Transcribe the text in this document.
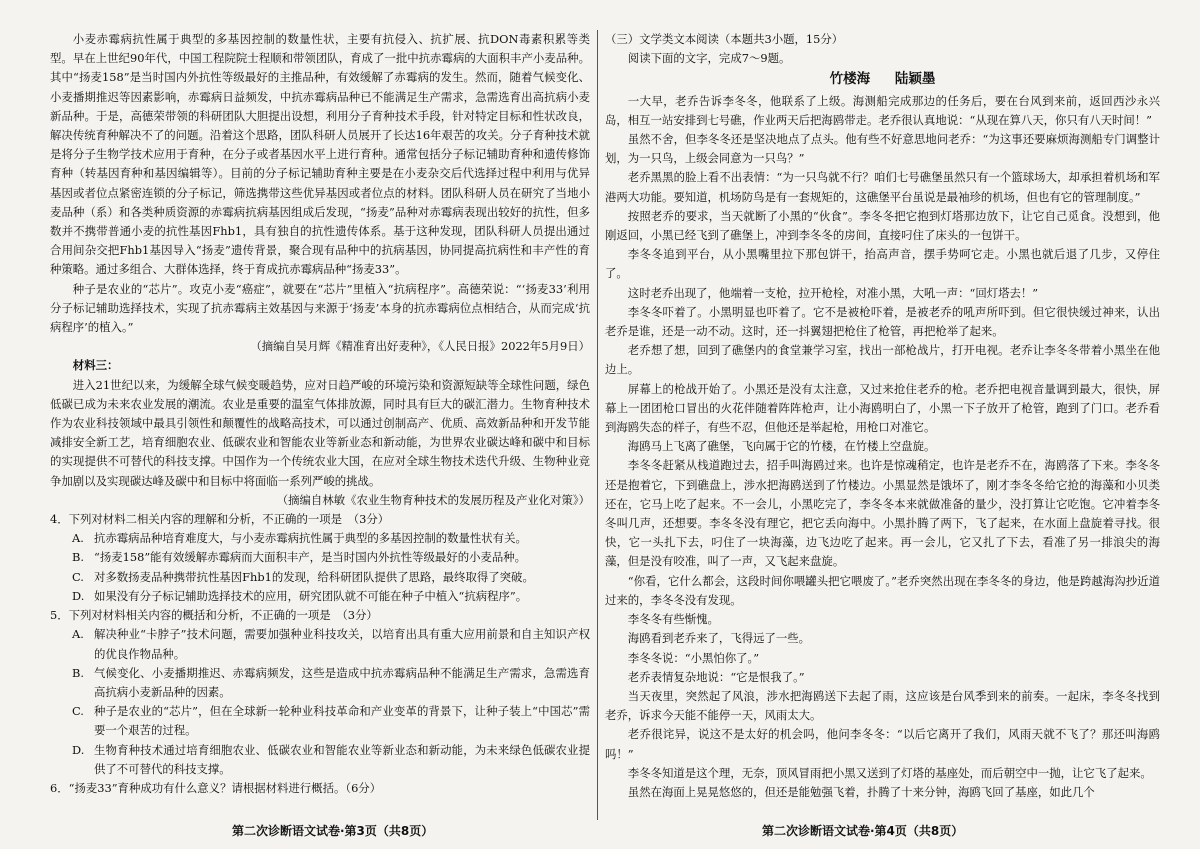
小麦赤霉病抗性属于典型的多基因控制的数量性状，主要有抗侵入、抗扩展、抗DON毒素积累等类型。早在上世纪90年代，中国工程院院士程顺和带领团队，育成了一批中抗赤霉病的大面积丰产小麦品种。其中“扬麦158”是当时国内外抗性等级最好的主推品种，有效缓解了赤霉病的发生。然而，随着气候变化、小麦播期推迟等因素影响，赤霉病日益频发，中抗赤霉病品种已不能满足生产需求，急需选育出高抗病小麦新品种。于是，高德荣带领的科研团队大胆提出设想，利用分子育种技术手段，针对特定目标和性状改良，解决传统育种解决不了的问题。沿着这个思路，团队科研人员展开了长达16年艰苦的攻关。分子育种技术就是将分子生物学技术应用于育种，在分子或者基因水平上进行育种。通常包括分子标记辅助育种和遗传修饰育种（转基因育种和基因编辑等）。目前的分子标记辅助育种主要是在小麦杂交后代选择过程中利用与优异基因或者位点紧密连锁的分子标记，筛选携带这些优异基因或者位点的材料。团队科研人员在研究了当地小麦品种（系）和各类种质资源的赤霉病抗病基因组成后发现，“扬麦”品种对赤霉病表现出较好的抗性，但多数并不携带普通小麦的抗性基因Fhb1，具有独自的抗性遗传体系。基于这种发现，团队科研人员提出通过合用间杂交把Fhb1基因导入“扬麦”遗传背景，聚合现有品种中的抗病基因，协同提高抗病性和丰产性的育种策略。通过多组合、大群体选择，终于育成抗赤霉病品种“扬麦33”。

种子是农业的“芯片”。攻克小麦“癌症”，就要在“芯片”里植入“抗病程序”。高德荣说：“‘扬麦33’利用分子标记辅助选择技术，实现了抗赤霉病主效基因与来源于‘扬麦’本身的抗赤霉病位点相结合，从而完成‘抗病程序’的植入。”

（摘编自吴月辉《精准育出好麦种》，《人民日报》2022年5月9日）

材料三：

进入21世纪以来，为缓解全球气候变暖趋势，应对日趋严峻的环境污染和资源短缺等全球性问题，绿色低碳已成为未来农业发展的潮流。农业是重要的温室气体排放源，同时具有巨大的碳汇潜力。生物育种技术作为农业科技领域中最具引领性和颠覆性的战略高技术，可以通过创制高产、优质、高效新品种和开发节能减排安全新工艺，培育细胞农业、低碳农业和智能农业等新业态和新动能，为世界农业碳达峰和碳中和目标的实现提供不可替代的科技支撑。中国作为一个传统农业大国，在应对全球生物技术迭代升级、生物种业竞争加剧以及实现碳达峰及碳中和目标中将面临一系列严峻的挑战。

（摘编自林敏《农业生物育种技术的发展历程及产业化对策》）

4．下列对材料二相关内容的理解和分析，不正确的一项是　（3分）

A. 抗赤霉病品种培育难度大，与小麦赤霉病抗性属于典型的多基因控制的数量性状有关。
B. “扬麦158”能有效缓解赤霉病而大面积丰产，是当时国内外抗性等级最好的小麦品种。
C. 对多数扬麦品种携带抗性基因Fhb1的发现，给科研团队提供了思路，最终取得了突破。
D. 如果没有分子标记辅助选择技术的应用，研究团队就不可能在种子中植入“抗病程序”。

5．下列对材料相关内容的概括和分析，不正确的一项是　（3分）

A. 解决种业“卡脖子”技术问题，需要加强种业科技攻关，以培育出具有重大应用前景和自主知识产权的优良作物品种。
B. 气候变化、小麦播期推迟、赤霉病频发，这些是造成中抗赤霉病品种不能满足生产需求，急需选育高抗病小麦新品种的因素。
C. 种子是农业的“芯片”，但在全球新一轮种业科技革命和产业变革的背景下，让种子装上“中国芯”需要一个艰苦的过程。
D. 生物育种技术通过培育细胞农业、低碳农业和智能农业等新业态和新动能，为未来绿色低碳农业提供了不可替代的科技支撑。

6．“扬麦33”育种成功有什么意义？请根据材料进行概括。（6分）

（三）文学类文本阅读（本题共3小题，15分）

阅读下面的文字，完成7～9题。

竹楼海 陆颖墨

一大早，老乔告诉李冬冬，他联系了上级。海测船完成那边的任务后，要在台风到来前，返回西沙永兴岛，相互一站安排到七号礁，作业两天后把海鸥带走。老乔很认真地说：“从现在算八天，你只有八天时间！”

虽然不舍，但李冬冬还是坚决地点了点头。他有些不好意思地问老乔：“为这事还要麻烦海测船专门调整计划，为一只鸟，上级会同意为一只鸟？”

老乔黑黑的脸上看不出表情：“为一只鸟就不行？咱们七号礁堡虽然只有一个篮球场大，却承担着机场和军港两大功能。要知道，机场防鸟是有一套规矩的，这礁堡平台虽说是最袖珍的机场，但也有它的管理制度。”

按照老乔的要求，当天就断了小黑的“伙食”。李冬冬把它抱到灯塔那边放下，让它自己觅食。没想到，他刚返回，小黑已经飞到了礁堡上，冲到李冬冬的房间，直接叼住了床头的一包饼干。

李冬冬追到平台，从小黑嘴里拉下那包饼干，抬高声音，摆手势呵它走。小黑也就后退了几步，又停住了。

这时老乔出现了，他端着一支枪，拉开枪栓，对准小黑，大吼一声：“回灯塔去！”

李冬冬吓着了。小黑明显也吓着了。它不是被枪吓着，是被老乔的吼声所吓到。但它很快缓过神来，认出老乔是谁，还是一动不动。这时，还一抖翼翅把枪住了枪管，再把枪举了起来。

老乔想了想，回到了礁堡内的食堂兼学习室，找出一部枪战片，打开电视。老乔让李冬冬带着小黑坐在他边上。

屏幕上的枪战开始了。小黑还是没有太注意，又过来抢住老乔的枪。老乔把电视音量调到最大，很快，屏幕上一团团枪口冒出的火花伴随着阵阵枪声，让小海鸥明白了，小黑一下子放开了枪管，跑到了门口。老乔看到海鸥失态的样子，有些不忍，但他还是举起枪，用枪口对准它。

海鸥马上飞离了礁堡，飞向属于它的竹楼，在竹楼上空盘旋。

李冬冬赶紧从栈道跑过去，招手叫海鸥过来。也许是惊魂稍定，也许是老乔不在，海鸥落了下来。李冬冬还是抱着它，下到礁盘上，涉水把海鸥送到了竹楼边。小黑显然是饿坏了，刚才李冬冬给它抢的海藻和小贝类还在，它马上吃了起来。不一会儿，小黑吃完了，李冬冬本来就做准备的量少，没打算让它吃饱。它冲着李冬冬叫几声，还想要。李冬冬没有理它，把它丢向海中。小黑扑腾了两下，飞了起来，在水面上盘旋着寻找。很快，它一头扎下去，叼住了一块海藻，边飞边吃了起来。再一会儿，它又扎了下去，看准了另一排浪尖的海藻，但是没有咬准，叫了一声，又飞起来盘旋。

“你看，它什么都会，这段时间你喂罐头把它喂废了。”老乔突然出现在李冬冬的身边，他是跨越海沟抄近道过来的，李冬冬没有发现。

李冬冬有些惭愧。

海鸥看到老乔来了，飞得远了一些。

李冬冬说：“小黑怕你了。”

老乔表情复杂地说：“它是恨我了。”

当天夜里，突然起了风浪，涉水把海鸥送下去起了雨，这应该是台风季到来的前奏。一起床，李冬冬找到老乔，诉求今天能不能停一天，风雨太大。

老乔很诧异，说这不是太好的机会吗，他问李冬冬：“以后它离开了我们，风雨天就不飞了？那还叫海鸥吗！”

李冬冬知道是这个理，无奈，顶风冒雨把小黑又送到了灯塔的基座处，而后朝空中一抛，让它飞了起来。

虽然在海面上晃晃悠悠的，但还是能勉强飞着，扑腾了十来分钟，海鸥飞回了基座，如此几个

第二次诊断语文试卷·第3页（共8页）	第二次诊断语文试卷·第4页（共8页）
